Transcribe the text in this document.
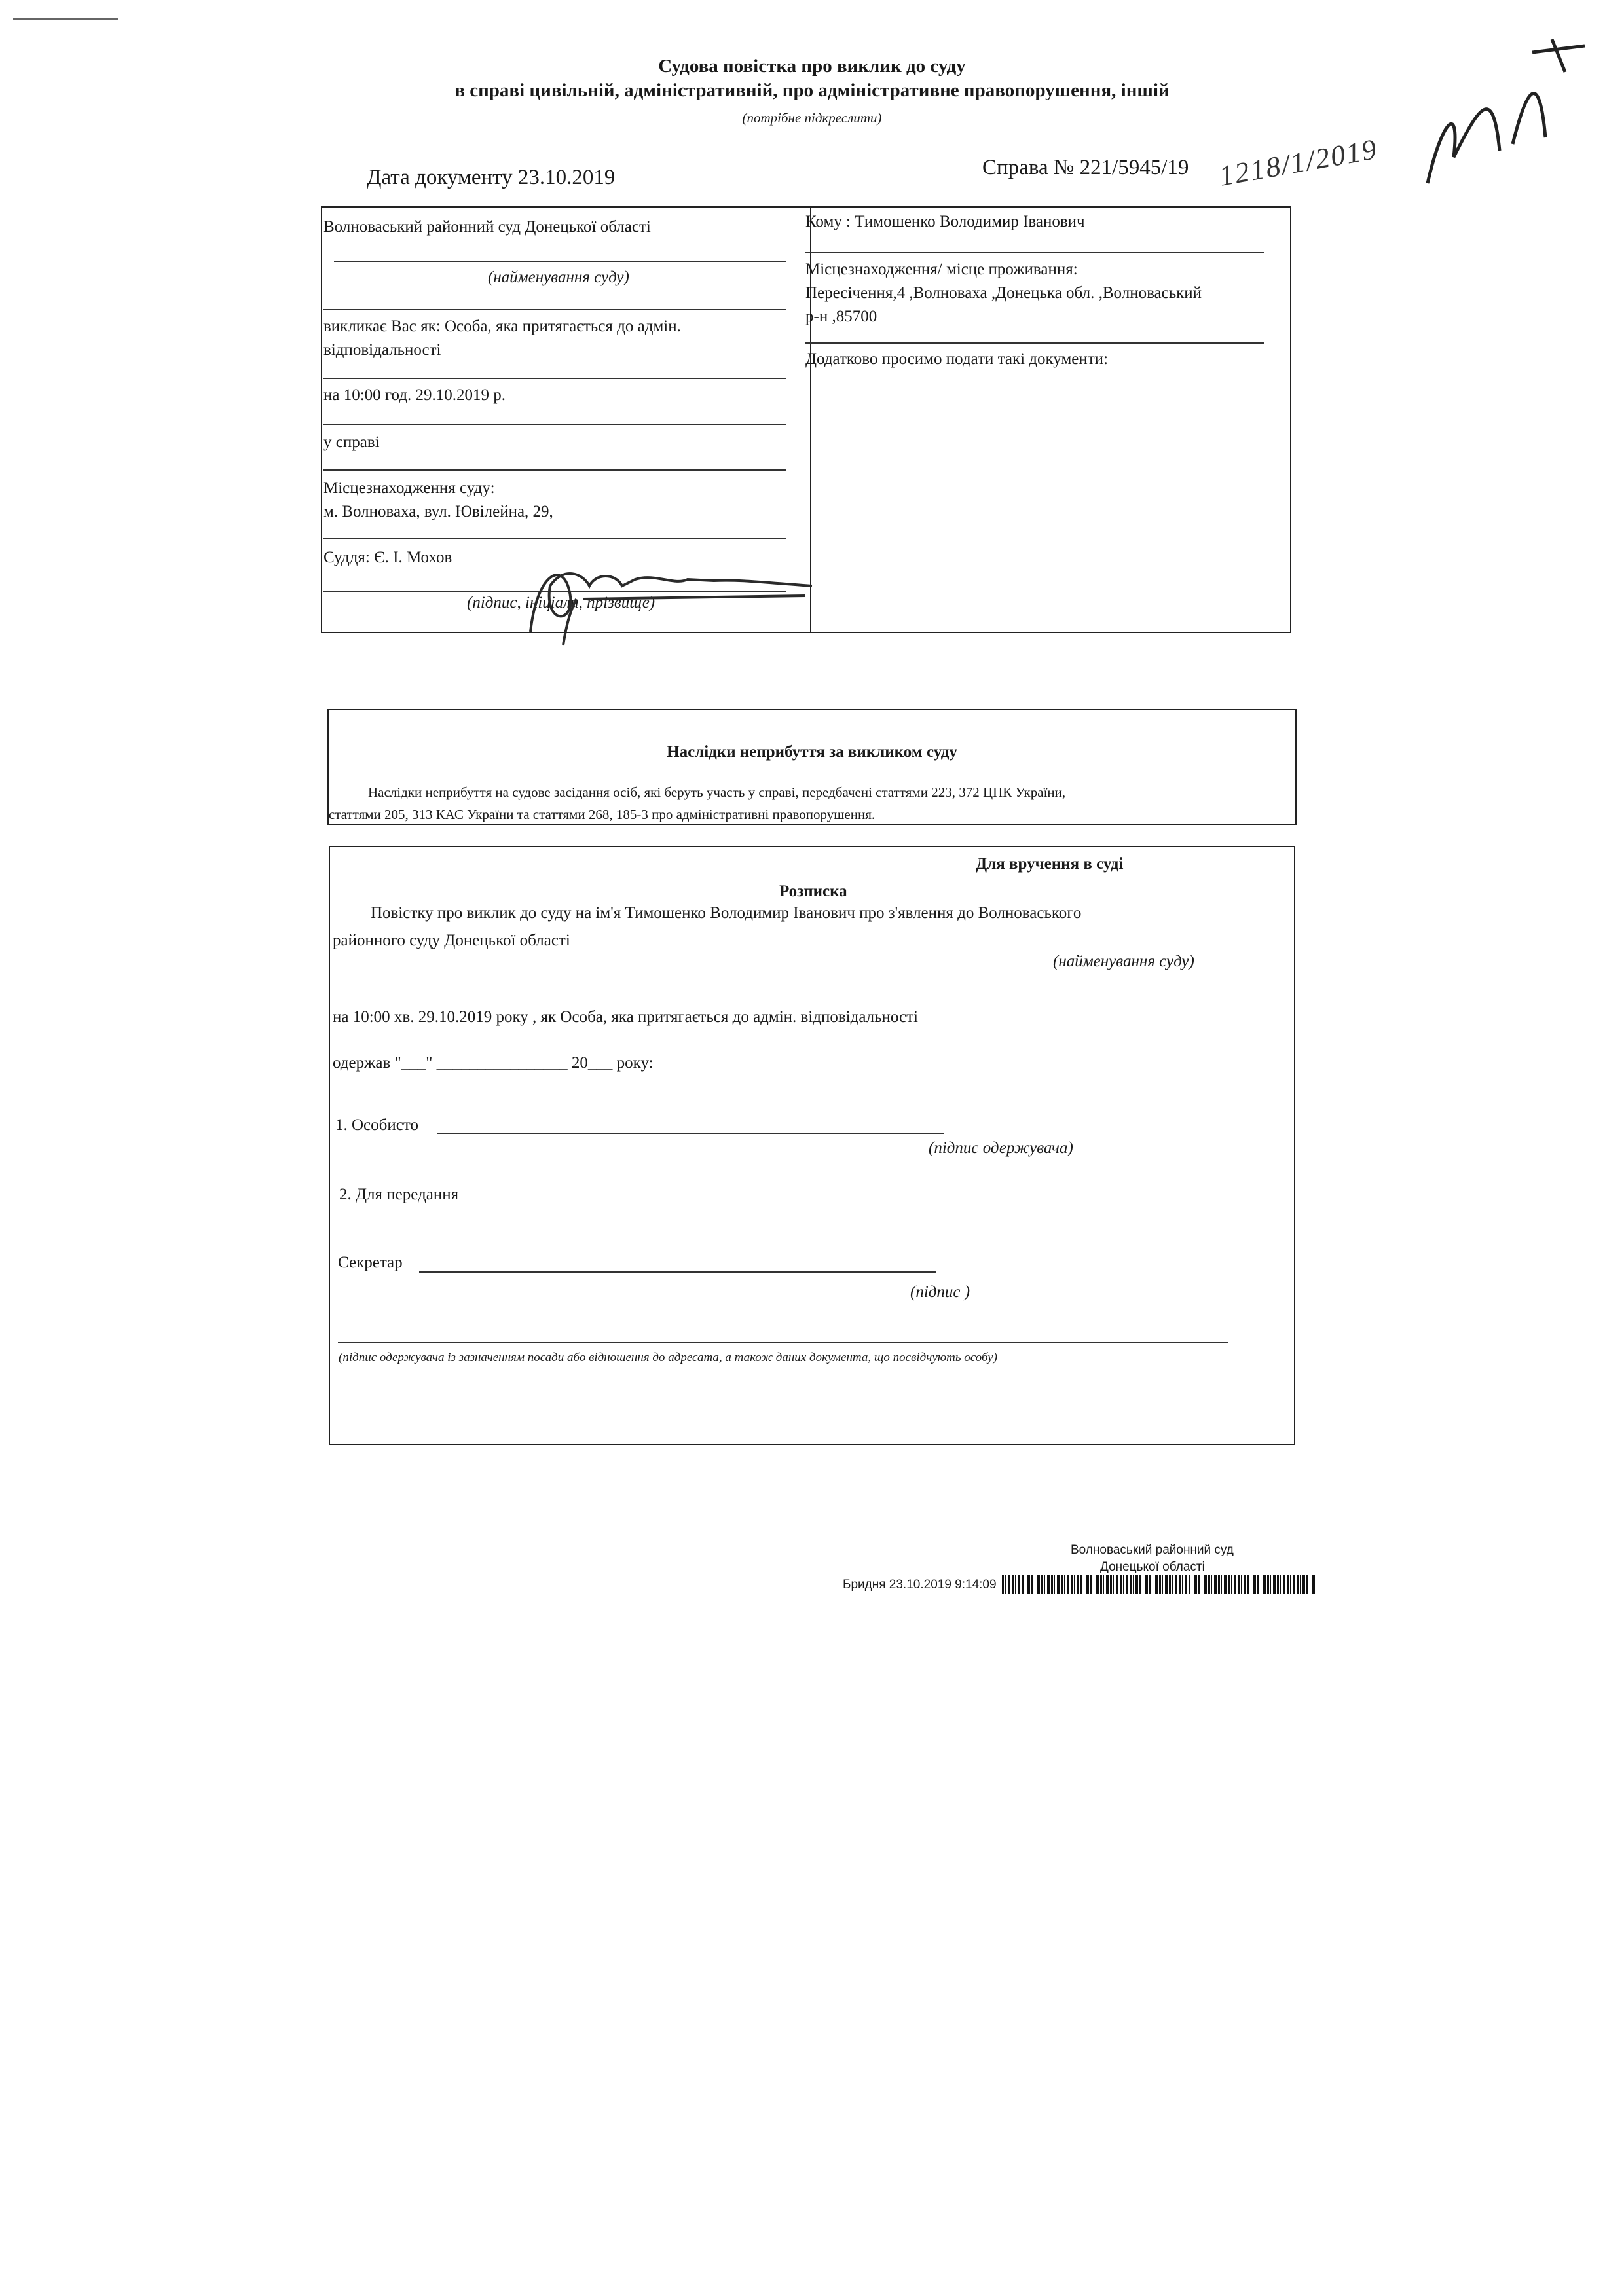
Судова повістка про виклик до суду
в справі цивільній, адміністративній, про адміністративне правопорушення, іншій
(потрібне підкреслити)
Дата документу 23.10.2019	Справа № 221/5945/19 1218/1/2019
Волноваський районний суд Донецької області
(найменування суду)
викликає Вас як: Особа, яка притягається до адмін.
відповідальності
на 10:00 год. 29.10.2019 р.
у справі
Місцезнаходження суду:
м. Волноваха, вул. Ювілейна, 29,
Суддя: Є. І. Мохов
(підпис, ініціали, прізвище)
Кому : Тимошенко Володимир Іванович
Місцезнаходження/ місце проживання:
Пересічення,4 ,Волноваха ,Донецька обл. ,Волноваський
р-н ,85700
Додатково просимо подати такі документи:
Наслідки неприбуття за викликом суду
Наслідки неприбуття на судове засідання осіб, які беруть участь у справі, передбачені статтями 223, 372 ЦПК України,
статтями 205, 313 КАС України та статтями 268, 185-3 про адміністративні правопорушення.
Для вручення в суді
Розписка
Повістку про виклик до суду на ім'я Тимошенко Володимир Іванович про з'явлення до Волноваського
районного суду Донецької області
(найменування суду)
на 10:00 хв. 29.10.2019 року , як Особа, яка притягається до адмін. відповідальності
одержав "___" ________________ 20___ року:
1. Особисто
(підпис одержувача)
2. Для передання
Секретар
(підпис )
(підпис одержувача із зазначенням посади або відношення до адресата, а також даних документа, що посвідчують особу)
Волноваський районний суд
Донецької області
Бридня 23.10.2019 9:14:09
